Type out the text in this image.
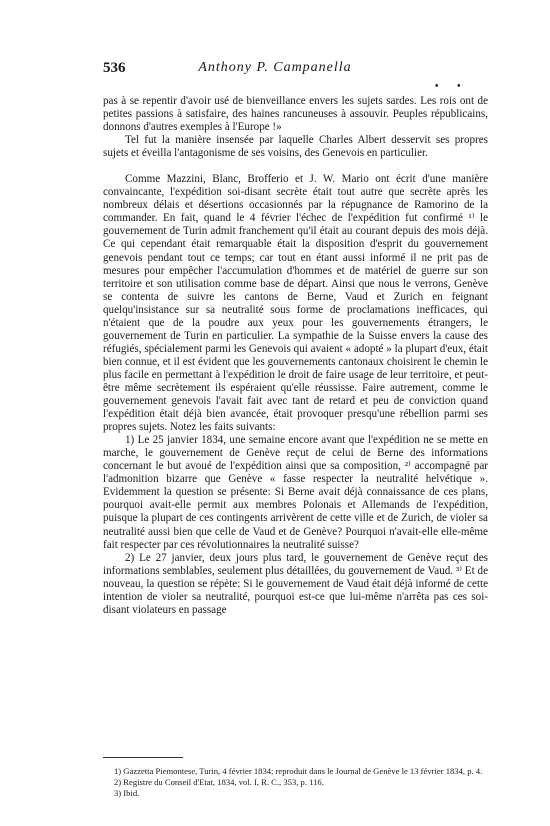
536	Anthony P. Campanella
• •

pas à se repentir d'avoir usé de bienveillance envers les sujets sardes. Les rois ont de petites passions à satisfaire, des haines rancuneuses à assouvir. Peuples républicains, donnons d'autres exemples à l'Europe !»

Tel fut la manière insensée par laquelle Charles Albert desservit ses propres sujets et éveilla l'antagonisme de ses voisins, des Genevois en particulier.

Comme Mazzini, Blanc, Brofferio et J. W. Mario ont écrit d'une manière convaincante, l'expédition soi-disant secrète était tout autre que secrète après les nombreux délais et désertions occasionnés par la répugnance de Ramorino de la commander. En fait, quand le 4 février l'échec de l'expédition fut confirmé ¹⁾ le gouvernement de Turin admit franchement qu'il était au courant depuis des mois déjà. Ce qui cependant était remarquable était la disposition d'esprit du gouvernement genevois pendant tout ce temps; car tout en étant aussi informé il ne prit pas de mesures pour empêcher l'accumulation d'hommes et de matériel de guerre sur son territoire et son utilisation comme base de départ. Ainsi que nous le verrons, Genève se contenta de suivre les cantons de Berne, Vaud et Zurich en feignant quelqu'insistance sur sa neutralité sous forme de proclamations inefficaces, qui n'étaient que de la poudre aux yeux pour les gouvernements étrangers, le gouvernement de Turin en particulier. La sympathie de la Suisse envers la cause des réfugiés, spécialement parmi les Genevois qui avaient « adopté » la plupart d'eux, était bien connue, et il est évident que les gouvernements cantonaux choisirent le chemin le plus facile en permettant à l'expédition le droit de faire usage de leur territoire, et peut-être même secrètement ils espéraient qu'elle réussisse. Faire autrement, comme le gouvernement genevois l'avait fait avec tant de retard et peu de conviction quand l'expédition était déjà bien avancée, était provoquer presqu'une rébellion parmi ses propres sujets. Notez les faits suivants:

1) Le 25 janvier 1834, une semaine encore avant que l'expédition ne se mette en marche, le gouvernement de Genève reçut de celui de Berne des informations concernant le but avoué de l'expédition ainsi que sa composition, ²⁾ accompagné par l'admonition bizarre que Genève « fasse respecter la neutralité helvétique ». Evidemment la question se présente: Si Berne avait déjà connaissance de ces plans, pourquoi avait-elle permit aux membres Polonais et Allemands de l'expédition, puisque la plupart de ces contingents arrivèrent de cette ville et de Zurich, de violer sa neutralité aussi bien que celle de Vaud et de Genève? Pourquoi n'avait-elle elle-même fait respecter par ces révolutionnaires la neutralité suisse?

2) Le 27 janvier, deux jours plus tard, le gouvernement de Genève reçut des informations semblables, seulement plus détaillées, du gouvernement de Vaud. ³⁾ Et de nouveau, la question se répète: Si le gouvernement de Vaud était déjà informé de cette intention de violer sa neutralité, pourquoi est-ce que lui-même n'arrêta pas ces soi-disant violateurs en passage

1) Gazzetta Piemontese, Turin, 4 février 1834; reproduit dans le Journal de Genève le 13 février 1834, p. 4.
2) Registre du Conseil d'Etat, 1834, vol. I, R. C., 353, p. 116.
3) Ibid.
